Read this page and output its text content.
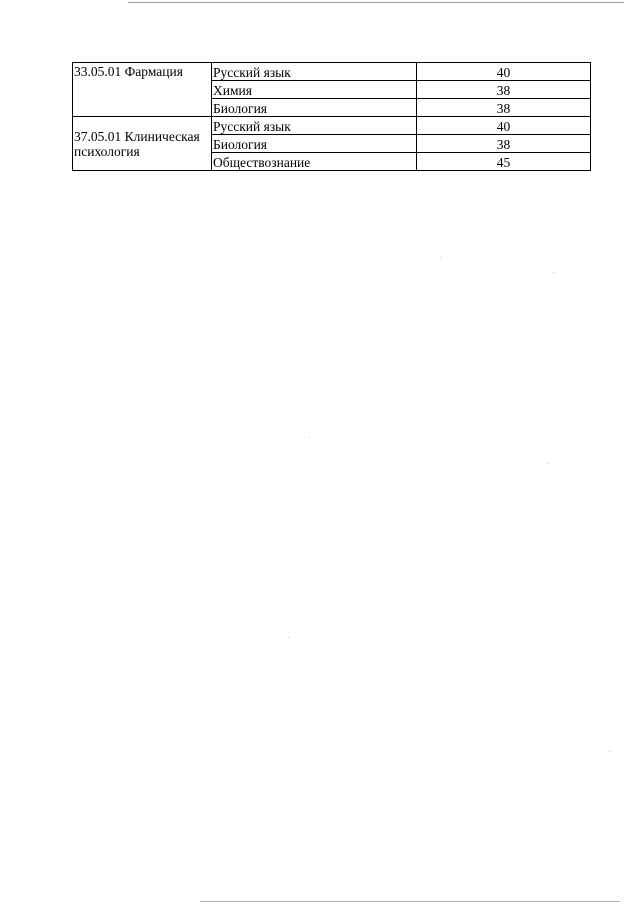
33.05.01 Фармация	Русский язык	40
	Химия	38
	Биология	38
37.05.01 Клиническая психология	Русский язык	40
	Биология	38
	Обществознание	45
